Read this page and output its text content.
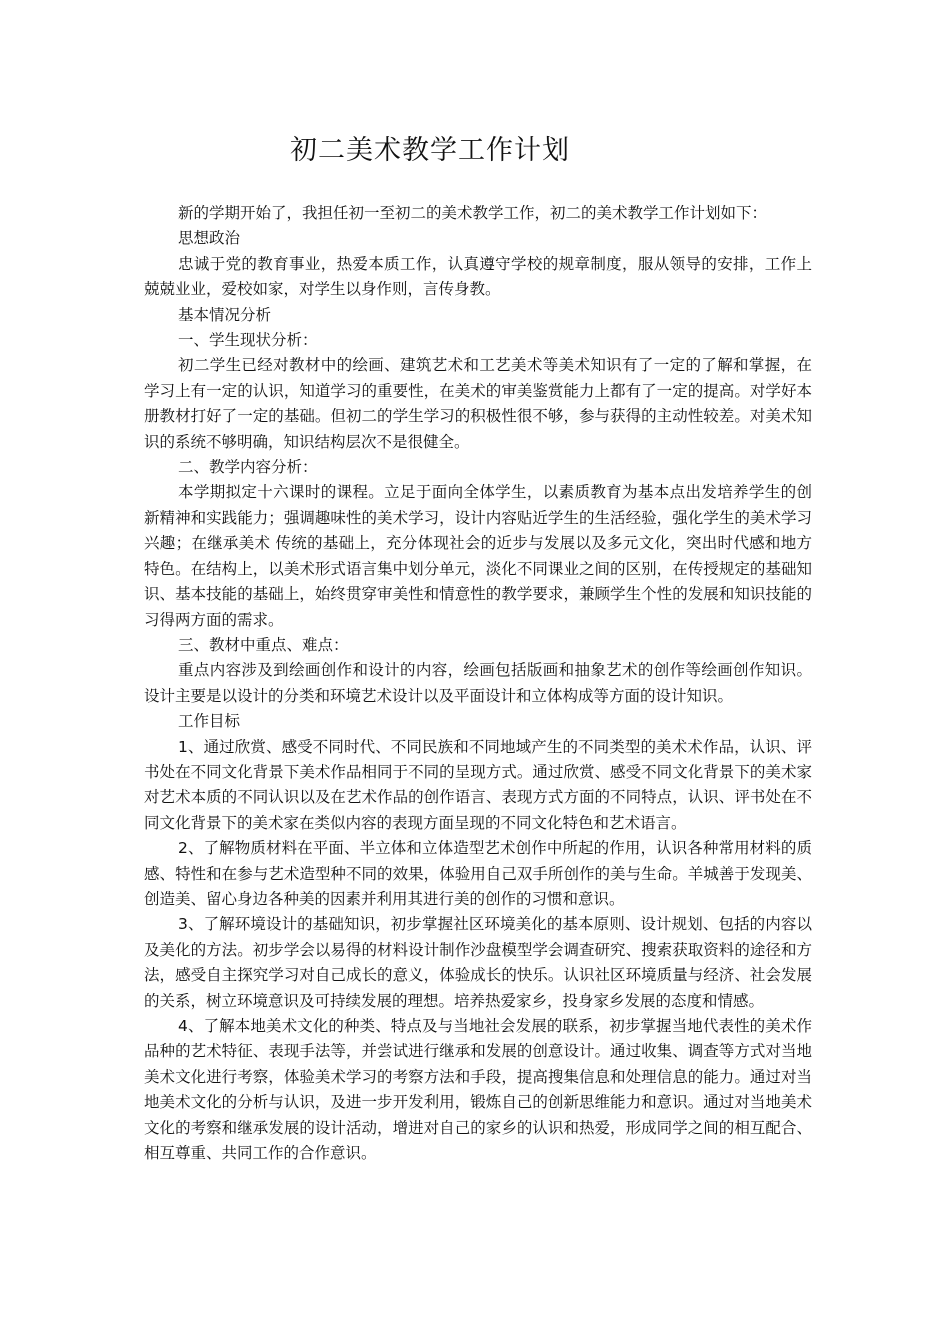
初二美术教学工作计划

新的学期开始了，我担任初一至初二的美术教学工作，初二的美术教学工作计划如下：

思想政治

忠诚于党的教育事业，热爱本质工作，认真遵守学校的规章制度，服从领导的安排，工作上兢兢业业，爱校如家，对学生以身作则，言传身教。

基本情况分析

一、学生现状分析：

初二学生已经对教材中的绘画、建筑艺术和工艺美术等美术知识有了一定的了解和掌握，在学习上有一定的认识，知道学习的重要性，在美术的审美鉴赏能力上都有了一定的提高。对学好本册教材打好了一定的基础。但初二的学生学习的积极性很不够，参与获得的主动性较差。对美术知识的系统不够明确，知识结构层次不是很健全。

二、教学内容分析：

本学期拟定十六课时的课程。立足于面向全体学生，以素质教育为基本点出发培养学生的创新精神和实践能力；强调趣味性的美术学习，设计内容贴近学生的生活经验，强化学生的美术学习兴趣；在继承美术 传统的基础上，充分体现社会的近步与发展以及多元文化，突出时代感和地方特色。在结构上，以美术形式语言集中划分单元，淡化不同课业之间的区别，在传授规定的基础知识、基本技能的基础上，始终贯穿审美性和情意性的教学要求，兼顾学生个性的发展和知识技能的习得两方面的需求。

三、教材中重点、难点：

重点内容涉及到绘画创作和设计的内容，绘画包括版画和抽象艺术的创作等绘画创作知识。设计主要是以设计的分类和环境艺术设计以及平面设计和立体构成等方面的设计知识。

工作目标

1、通过欣赏、感受不同时代、不同民族和不同地域产生的不同类型的美术术作品，认识、评书处在不同文化背景下美术作品相同于不同的呈现方式。通过欣赏、感受不同文化背景下的美术家对艺术本质的不同认识以及在艺术作品的创作语言、表现方式方面的不同特点，认识、评书处在不同文化背景下的美术家在类似内容的表现方面呈现的不同文化特色和艺术语言。

2、了解物质材料在平面、半立体和立体造型艺术创作中所起的作用，认识各种常用材料的质感、特性和在参与艺术造型种不同的效果，体验用自己双手所创作的美与生命。羊城善于发现美、创造美、留心身边各种美的因素并利用其进行美的创作的习惯和意识。

3、了解环境设计的基础知识，初步掌握社区环境美化的基本原则、设计规划、包括的内容以及美化的方法。初步学会以易得的材料设计制作沙盘模型学会调查研究、搜索获取资料的途径和方法，感受自主探究学习对自己成长的意义，体验成长的快乐。认识社区环境质量与经济、社会发展的关系，树立环境意识及可持续发展的理想。培养热爱家乡，投身家乡发展的态度和情感。

4、了解本地美术文化的种类、特点及与当地社会发展的联系，初步掌握当地代表性的美术作品种的艺术特征、表现手法等，并尝试进行继承和发展的创意设计。通过收集、调查等方式对当地美术文化进行考察，体验美术学习的考察方法和手段，提高搜集信息和处理信息的能力。通过对当地美术文化的分析与认识，及进一步开发利用，锻炼自己的创新思维能力和意识。通过对当地美术文化的考察和继承发展的设计活动，增进对自己的家乡的认识和热爱，形成同学之间的相互配合、相互尊重、共同工作的合作意识。
